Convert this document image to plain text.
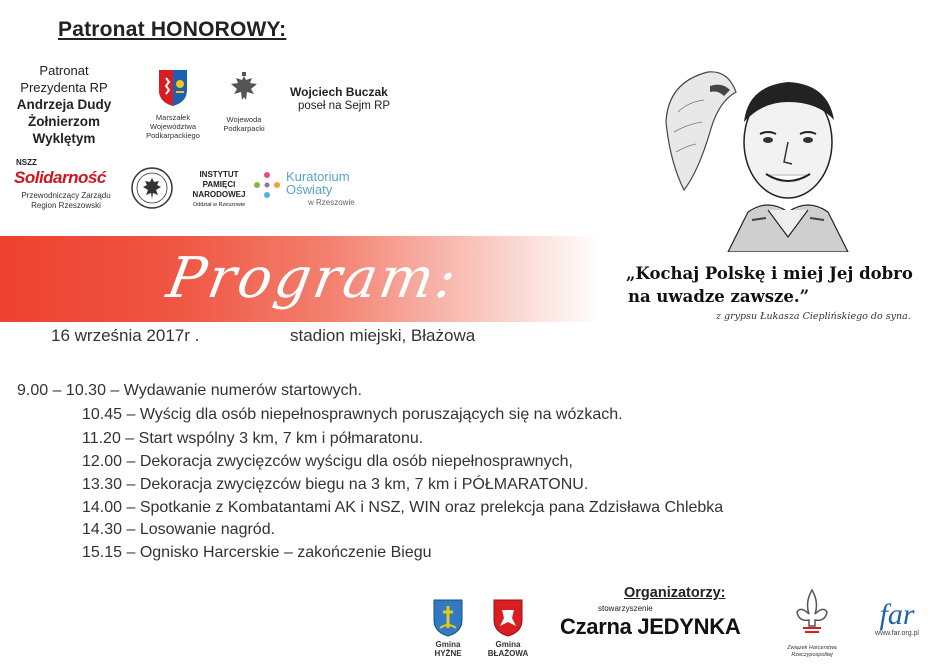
Patronat HONOROWY:
Patronat
Prezydenta RP
Andrzeja Dudy
Żołnierzom Wyklętym
Marszałek Województwa Podkarpackiego
Wojewoda Podkarpacki
Wojciech Buczak
poseł na Sejm RP
NSZZ
Solidarność
Przewodniczący Zarządu Region Rzeszowski
INSTYTUT
PAMIĘCI
NARODOWEJ
Oddział w Rzeszowie
Kuratorium
Oświaty
w Rzeszowie
Program:
16 września 2017r .	stadion miejski, Błażowa
„Kochaj Polskę i miej Jej dobro
na uwadze zawsze.”
z grypsu Łukasza Cieplińskiego do syna.
9.00 – 10.30 – Wydawanie numerów startowych.
10.45 – Wyścig dla osób niepełnosprawnych poruszających się na wózkach.
11.20 – Start wspólny 3 km, 7 km i półmaratonu.
12.00 – Dekoracja zwycięzców wyścigu dla osób niepełnosprawnych,
13.30 – Dekoracja zwycięzców biegu na 3 km, 7 km i PÓŁMARATONU.
14.00 – Spotkanie z Kombatantami AK i NSZ, WIN oraz prelekcja pana Zdzisława Chlebka
14.30 – Losowanie nagród.
15.15 – Ognisko Harcerskie – zakończenie Biegu
Organizatorzy:
Gmina
HYŻNE
Gmina
BŁAŻOWA
stowarzyszenie
Czarna JEDYNKA
Związek Harcerstwa
Rzeczypospolitej
far
www.far.org.pl
